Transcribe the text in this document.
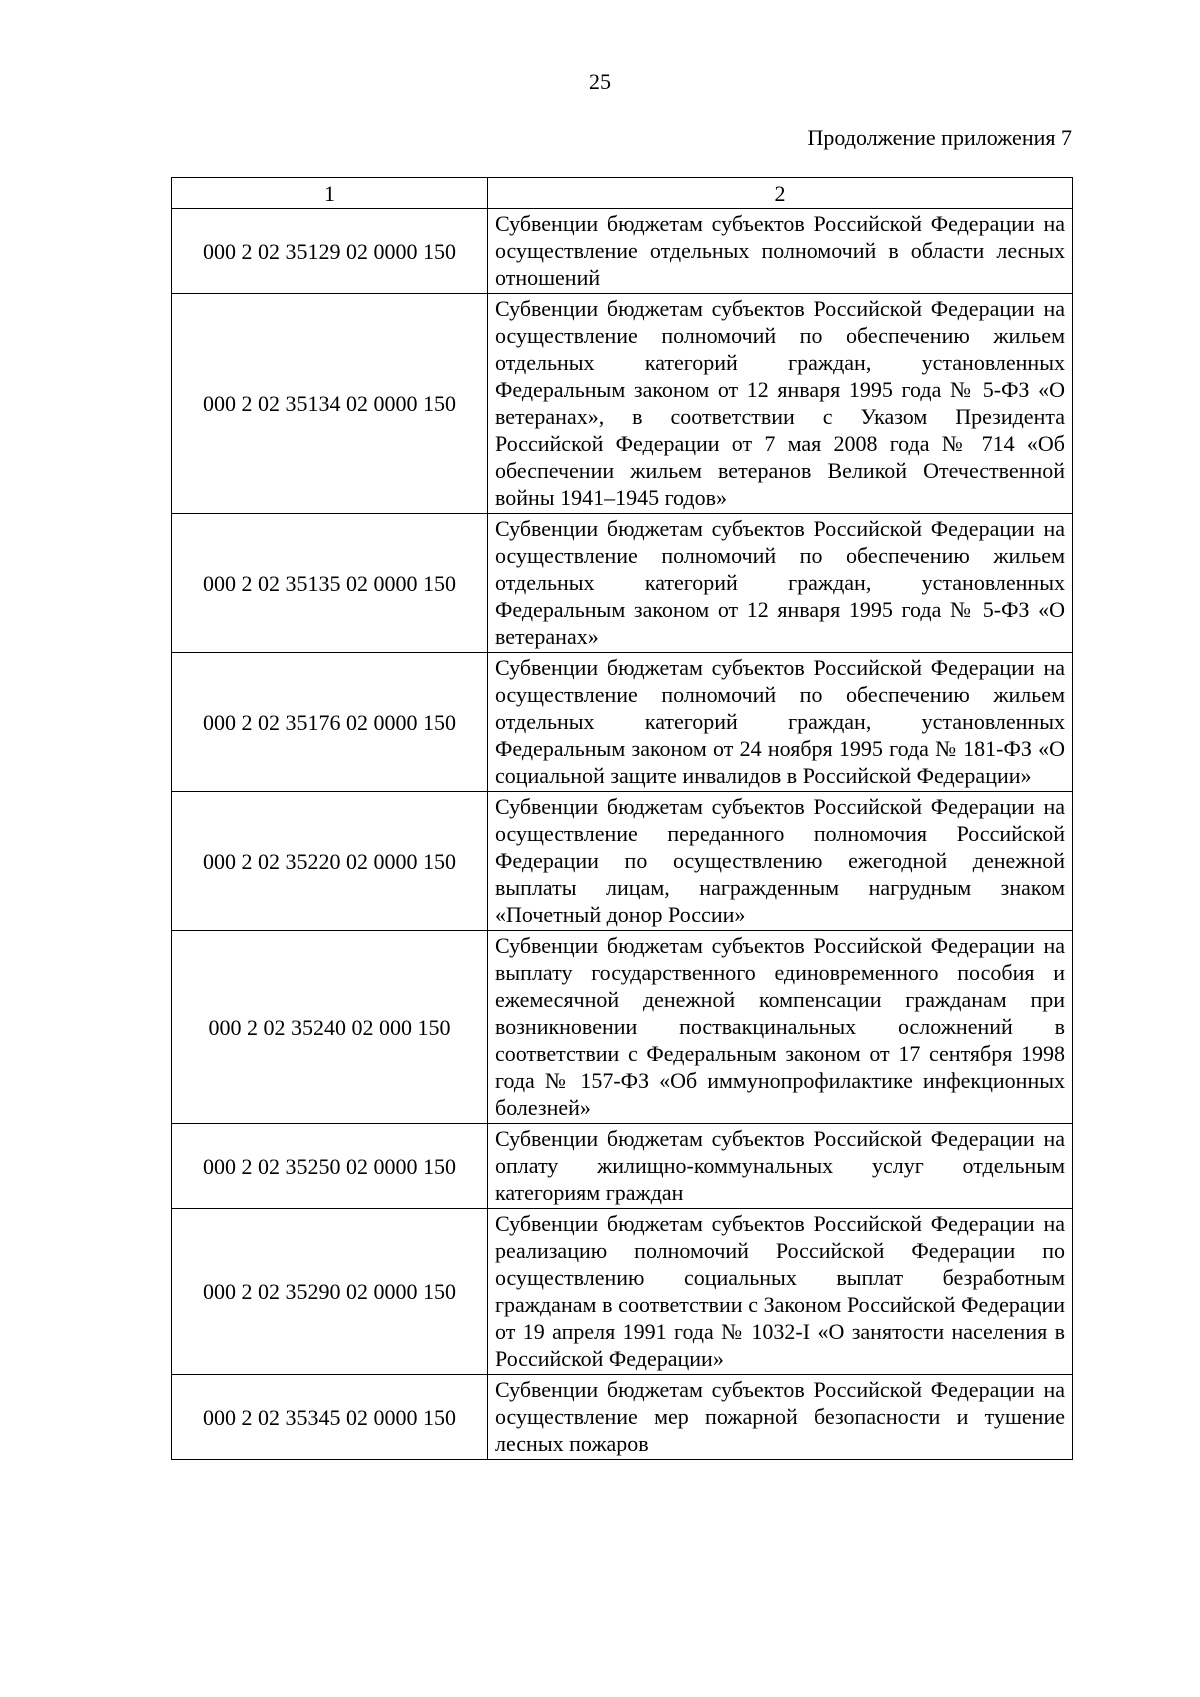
25
Продолжение приложения 7
1	2
000 2 02 35129 02 0000 150	Субвенции бюджетам субъектов Российской Федерации на осуществление отдельных полномочий в области лесных отношений
000 2 02 35134 02 0000 150	Субвенции бюджетам субъектов Российской Федерации на осуществление полномочий по обеспечению жильем отдельных категорий граждан, установленных Федеральным законом от 12 января 1995 года № 5-ФЗ «О ветеранах», в соответствии с Указом Президента Российской Федерации от 7 мая 2008 года № 714 «Об обеспечении жильем ветеранов Великой Отечественной войны 1941–1945 годов»
000 2 02 35135 02 0000 150	Субвенции бюджетам субъектов Российской Федерации на осуществление полномочий по обеспечению жильем отдельных категорий граждан, установленных Федеральным законом от 12 января 1995 года № 5-ФЗ «О ветеранах»
000 2 02 35176 02 0000 150	Субвенции бюджетам субъектов Российской Федерации на осуществление полномочий по обеспечению жильем отдельных категорий граждан, установленных Федеральным законом от 24 ноября 1995 года № 181-ФЗ «О социальной защите инвалидов в Российской Федерации»
000 2 02 35220 02 0000 150	Субвенции бюджетам субъектов Российской Федерации на осуществление переданного полномочия Российской Федерации по осуществлению ежегодной денежной выплаты лицам, награжденным нагрудным знаком «Почетный донор России»
000 2 02 35240 02 000 150	Субвенции бюджетам субъектов Российской Федерации на выплату государственного единовременного пособия и ежемесячной денежной компенсации гражданам при возникновении поствакцинальных осложнений в соответствии с Федеральным законом от 17 сентября 1998 года № 157-ФЗ «Об иммунопрофилактике инфекционных болезней»
000 2 02 35250 02 0000 150	Субвенции бюджетам субъектов Российской Федерации на оплату жилищно-коммунальных услуг отдельным категориям граждан
000 2 02 35290 02 0000 150	Субвенции бюджетам субъектов Российской Федерации на реализацию полномочий Российской Федерации по осуществлению социальных выплат безработным гражданам в соответствии с Законом Российской Федерации от 19 апреля 1991 года № 1032-I «О занятости населения в Российской Федерации»
000 2 02 35345 02 0000 150	Субвенции бюджетам субъектов Российской Федерации на осуществление мер пожарной безопасности и тушение лесных пожаров
